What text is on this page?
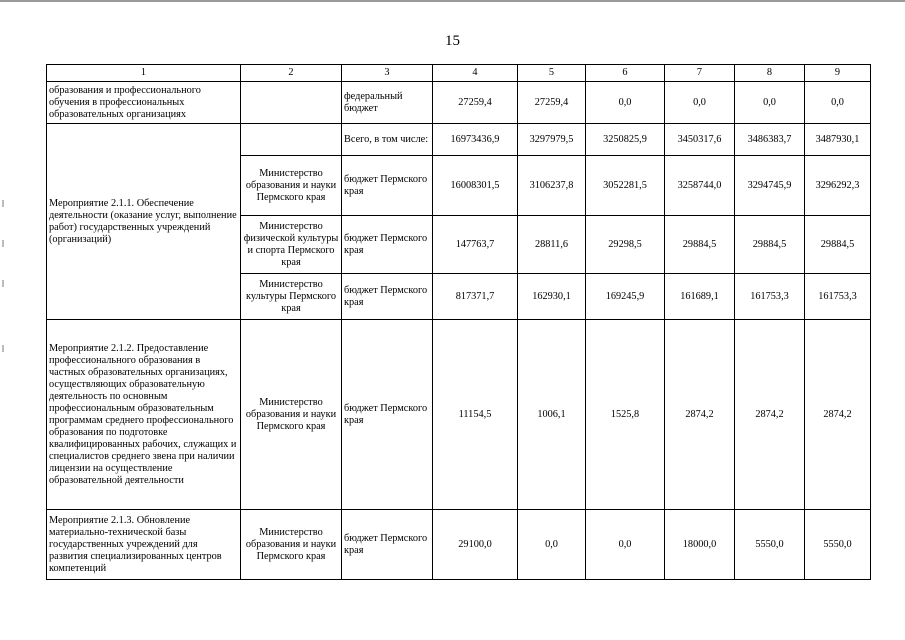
15
1	2	3	4	5	6	7	8	9
образования и профессионального обучения в профессиональных образовательных организациях		федеральный бюджет	27259,4	27259,4	0,0	0,0	0,0	0,0
Мероприятие 2.1.1. Обеспечение деятельности (оказание услуг, выполнение работ) государственных учреждений (организаций)		Всего, в том числе:	16973436,9	3297979,5	3250825,9	3450317,6	3486383,7	3487930,1
	Министерство образования и науки Пермского края	бюджет Пермского края	16008301,5	3106237,8	3052281,5	3258744,0	3294745,9	3296292,3
	Министерство физической культуры и спорта Пермского края	бюджет Пермского края	147763,7	28811,6	29298,5	29884,5	29884,5	29884,5
	Министерство культуры Пермского края	бюджет Пермского края	817371,7	162930,1	169245,9	161689,1	161753,3	161753,3
Мероприятие 2.1.2. Предоставление профессионального образования в частных образовательных организациях, осуществляющих образовательную деятельность по основным профессиональным образовательным программам среднего профессионального образования по подготовке квалифицированных рабочих, служащих и специалистов среднего звена при наличии лицензии на осуществление образовательной деятельности	Министерство образования и науки Пермского края	бюджет Пермского края	11154,5	1006,1	1525,8	2874,2	2874,2	2874,2
Мероприятие 2.1.3. Обновление материально-технической базы государственных учреждений для развития специализированных центров компетенций	Министерство образования и науки Пермского края	бюджет Пермского края	29100,0	0,0	0,0	18000,0	5550,0	5550,0
